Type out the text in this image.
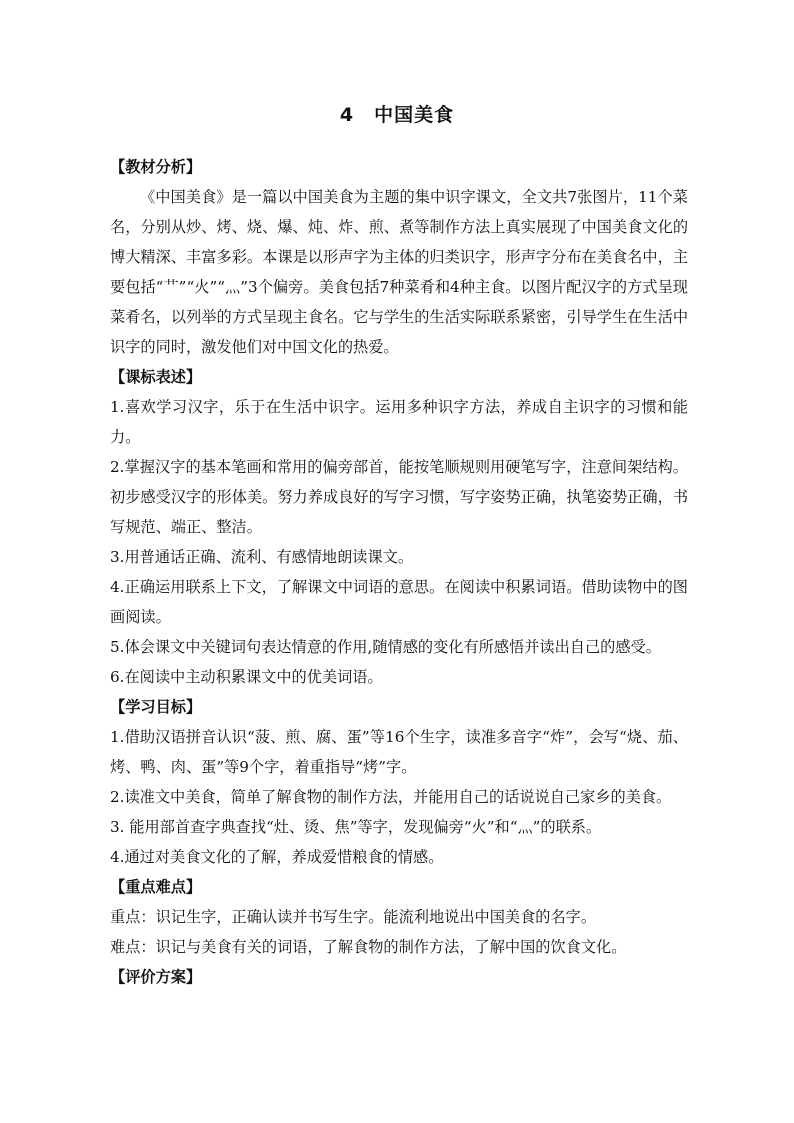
4　中国美食
【教材分析】

《中国美食》是一篇以中国美食为主题的集中识字课文，全文共7张图片，11个菜名，分别从炒、烤、烧、爆、炖、炸、煎、煮等制作方法上真实展现了中国美食文化的博大精深、丰富多彩。本课是以形声字为主体的归类识字，形声字分布在美食名中，主要包括“艹”“火”“灬”3个偏旁。美食包括7种菜肴和4种主食。以图片配汉字的方式呈现菜肴名，以列举的方式呈现主食名。它与学生的生活实际联系紧密，引导学生在生活中识字的同时，激发他们对中国文化的热爱。

【课标表述】

1.喜欢学习汉字，乐于在生活中识字。运用多种识字方法，养成自主识字的习惯和能力。

2.掌握汉字的基本笔画和常用的偏旁部首，能按笔顺规则用硬笔写字，注意间架结构。初步感受汉字的形体美。努力养成良好的写字习惯，写字姿势正确，执笔姿势正确，书写规范、端正、整洁。

3.用普通话正确、流利、有感情地朗读课文。

4.正确运用联系上下文，了解课文中词语的意思。在阅读中积累词语。借助读物中的图画阅读。

5.体会课文中关键词句表达情意的作用,随情感的变化有所感悟并读出自己的感受。

6.在阅读中主动积累课文中的优美词语。

【学习目标】

1.借助汉语拼音认识“菠、煎、腐、蛋”等16个生字，读准多音字“炸”，会写“烧、茄、烤、鸭、肉、蛋”等9个字，着重指导“烤”字。

2.读准文中美食，简单了解食物的制作方法，并能用自己的话说说自己家乡的美食。

3. 能用部首查字典查找“灶、烫、焦”等字，发现偏旁“火”和“灬”的联系。

4.通过对美食文化的了解，养成爱惜粮食的情感。

【重点难点】

重点：识记生字，正确认读并书写生字。能流利地说出中国美食的名字。

难点：识记与美食有关的词语，了解食物的制作方法，了解中国的饮食文化。

【评价方案】
